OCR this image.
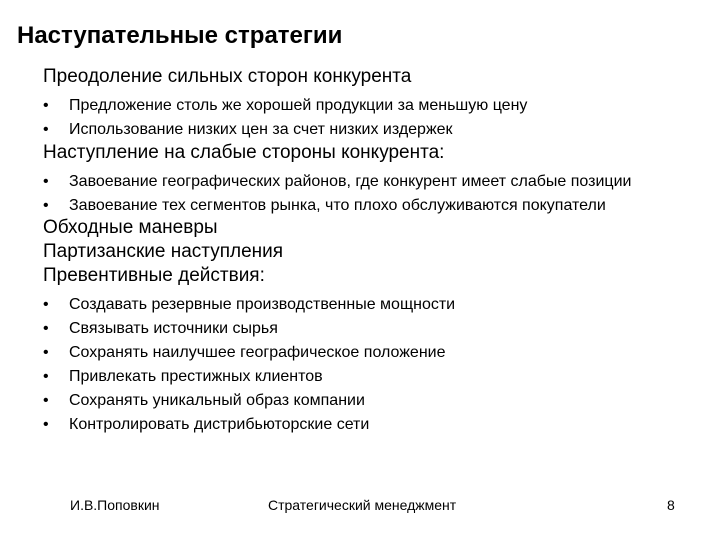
Наступательные стратегии
Преодоление сильных сторон конкурента
• Предложение столь же хорошей продукции за меньшую цену
• Использование низких цен за счет низких издержек
Наступление на слабые стороны конкурента:
• Завоевание географических районов, где конкурент имеет слабые позиции
• Завоевание тех сегментов рынка, что плохо обслуживаются покупатели
Обходные маневры
Партизанские наступления
Превентивные действия:
• Создавать резервные производственные мощности
• Связывать источники сырья
• Сохранять наилучшее географическое положение
• Привлекать престижных клиентов
• Сохранять уникальный образ компании
• Контролировать дистрибьюторские сети
И.В.Поповкин	Стратегический менеджмент	8
